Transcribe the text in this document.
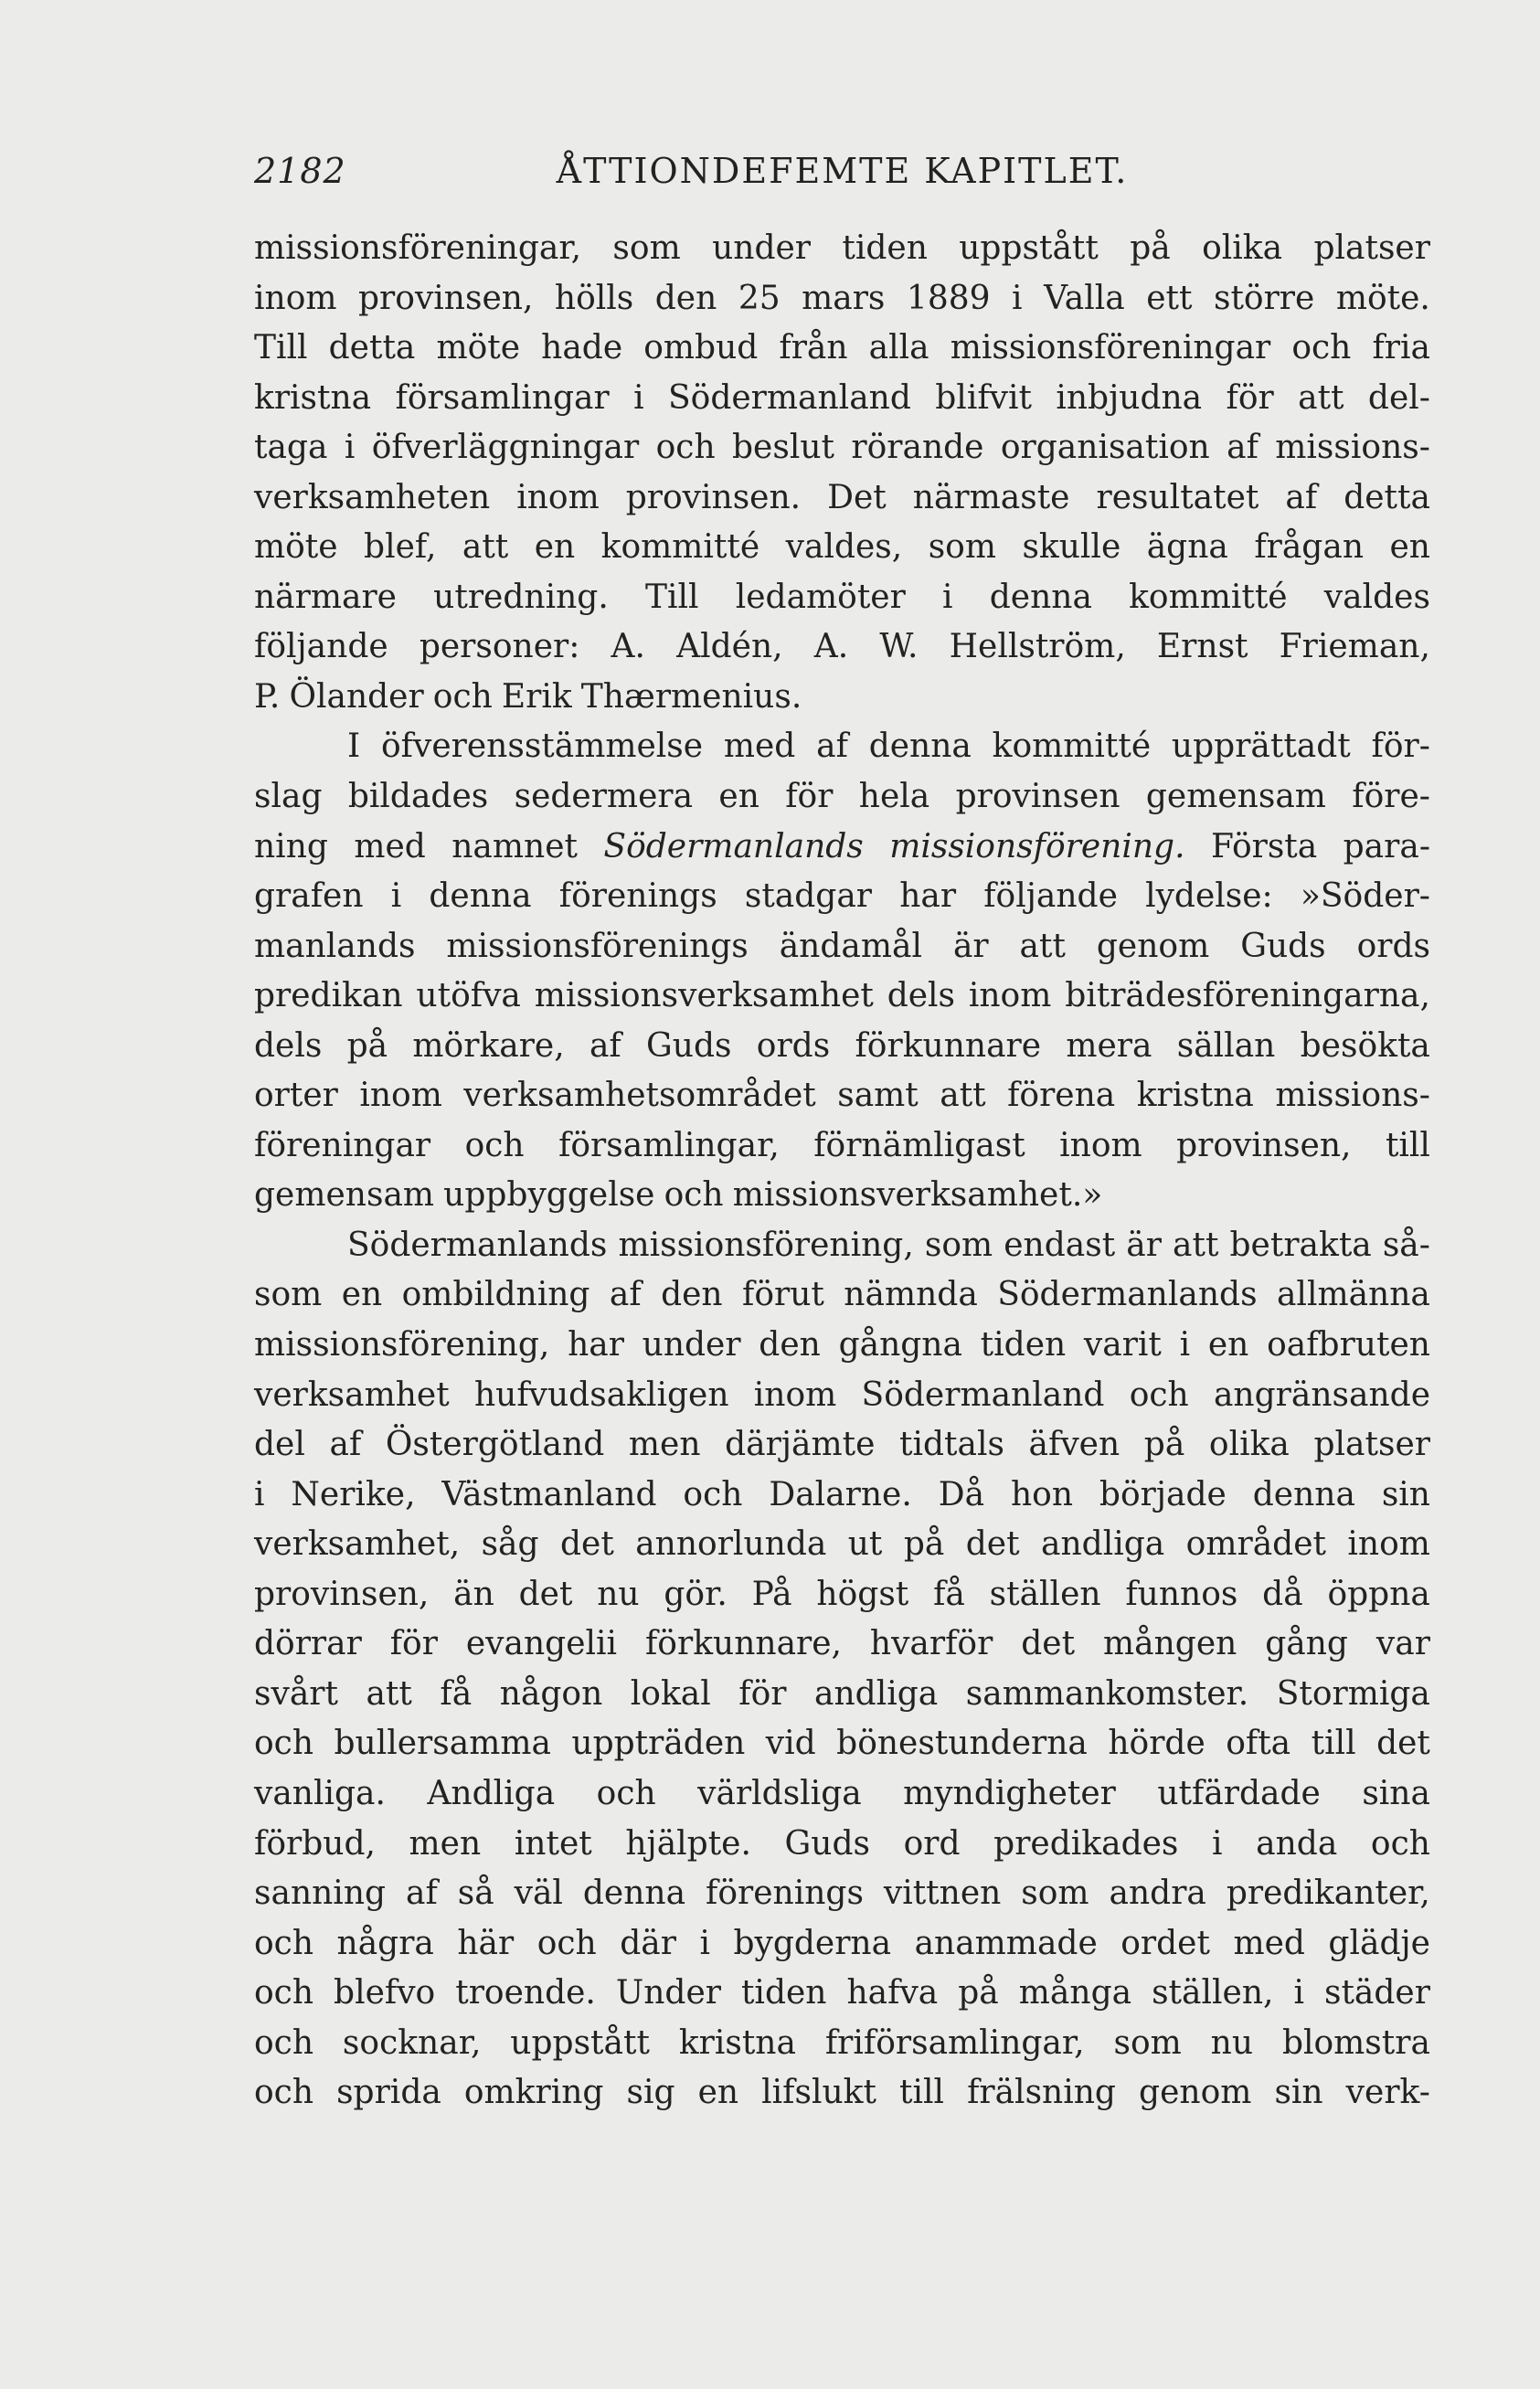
2182	ÅTTIONDEFEMTE KAPITLET.
missionsföreningar, som under tiden uppstått på olika platser
inom provinsen, hölls den 25 mars 1889 i Valla ett större möte.
Till detta möte hade ombud från alla missionsföreningar och fria
kristna församlingar i Södermanland blifvit inbjudna för att del-
taga i öfverläggningar och beslut rörande organisation af missions-
verksamheten inom provinsen. Det närmaste resultatet af detta
möte blef, att en kommitté valdes, som skulle ägna frågan en
närmare utredning. Till ledamöter i denna kommitté valdes
följande personer: A. Aldén, A. W. Hellström, Ernst Frieman,
P. Ölander och Erik Thærmenius.
I öfverensstämmelse med af denna kommitté upprättadt för-
slag bildades sedermera en för hela provinsen gemensam före-
ning med namnet Södermanlands missionsförening. Första para-
grafen i denna förenings stadgar har följande lydelse: »Söder-
manlands missionsförenings ändamål är att genom Guds ords
predikan utöfva missionsverksamhet dels inom biträdesföreningarna,
dels på mörkare, af Guds ords förkunnare mera sällan besökta
orter inom verksamhetsområdet samt att förena kristna missions-
föreningar och församlingar, förnämligast inom provinsen, till
gemensam uppbyggelse och missionsverksamhet.»
Södermanlands missionsförening, som endast är att betrakta så-
som en ombildning af den förut nämnda Södermanlands allmänna
missionsförening, har under den gångna tiden varit i en oafbruten
verksamhet hufvudsakligen inom Södermanland och angränsande
del af Östergötland men därjämte tidtals äfven på olika platser
i Nerike, Västmanland och Dalarne. Då hon började denna sin
verksamhet, såg det annorlunda ut på det andliga området inom
provinsen, än det nu gör. På högst få ställen funnos då öppna
dörrar för evangelii förkunnare, hvarför det mången gång var
svårt att få någon lokal för andliga sammankomster. Stormiga
och bullersamma uppträden vid bönestunderna hörde ofta till det
vanliga. Andliga och världsliga myndigheter utfärdade sina
förbud, men intet hjälpte. Guds ord predikades i anda och
sanning af så väl denna förenings vittnen som andra predikanter,
och några här och där i bygderna anammade ordet med glädje
och blefvo troende. Under tiden hafva på många ställen, i städer
och socknar, uppstått kristna friförsamlingar, som nu blomstra
och sprida omkring sig en lifslukt till frälsning genom sin verk-
